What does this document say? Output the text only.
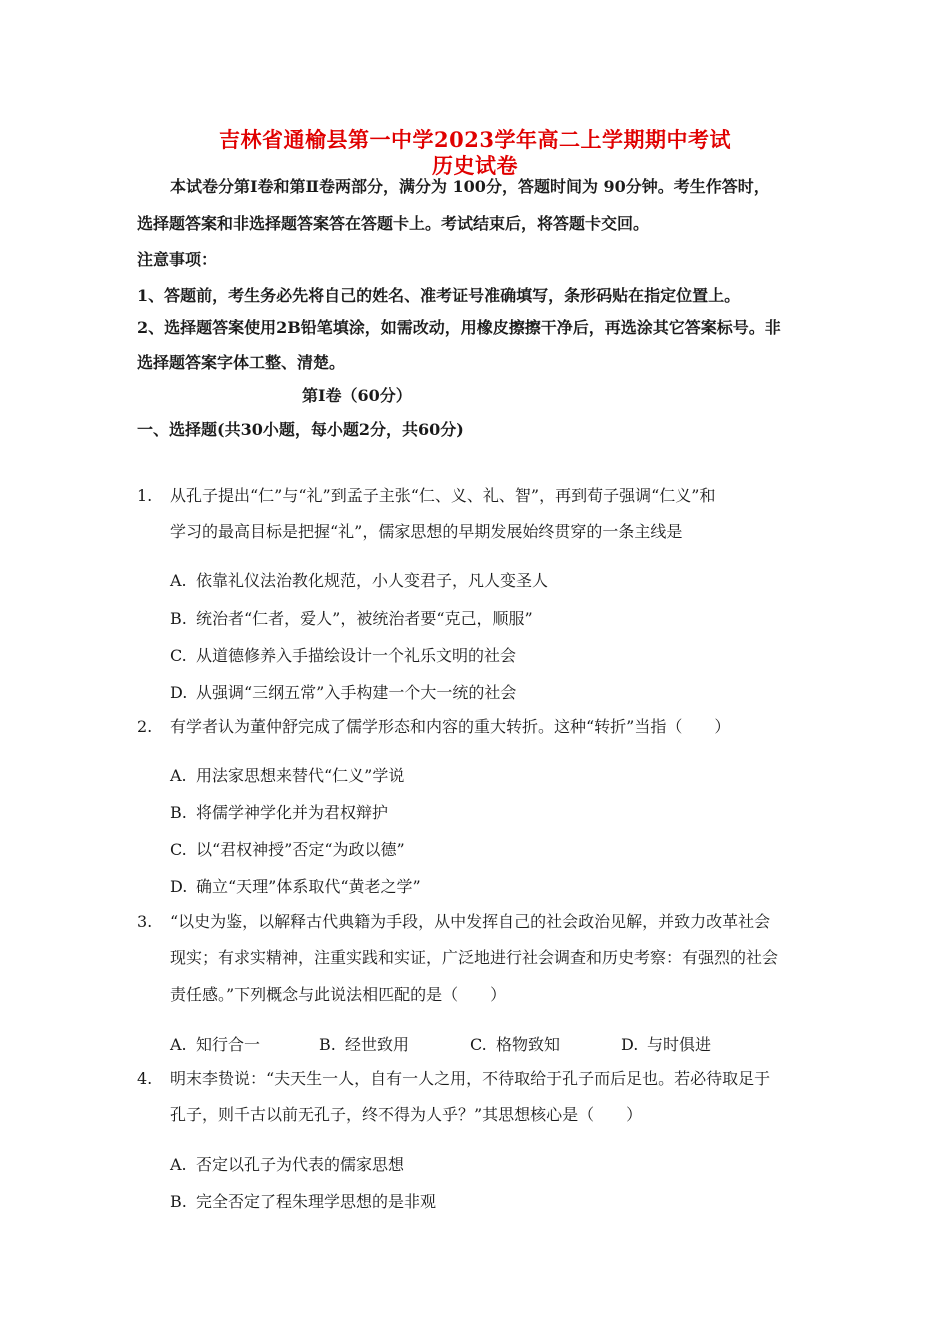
吉林省通榆县第一中学2023学年高二上学期期中考试
历史试卷
本试卷分第Ⅰ卷和第Ⅱ卷两部分，满分为 100分，答题时间为 90分钟。考生作答时，
选择题答案和非选择题答案答在答题卡上。考试结束后，将答题卡交回。
注意事项：
1、答题前，考生务必先将自己的姓名、准考证号准确填写，条形码贴在指定位置上。
2、选择题答案使用2B铅笔填涂，如需改动，用橡皮擦擦干净后，再选涂其它答案标号。非
选择题答案字体工整、清楚。
第Ⅰ卷（60分）
一、选择题(共30小题，每小题2分，共60分)
1. 从孔子提出“仁”与“礼”到孟子主张“仁、义、礼、智”，再到荀子强调“仁义”和
学习的最高目标是把握“礼”，儒家思想的早期发展始终贯穿的一条主线是
A. 依靠礼仪法治教化规范，小人变君子，凡人变圣人
B. 统治者“仁者，爱人”，被统治者要“克己，顺服”
C. 从道德修养入手描绘设计一个礼乐文明的社会
D. 从强调“三纲五常”入手构建一个大一统的社会
2. 有学者认为董仲舒完成了儒学形态和内容的重大转折。这种“转折”当指（　　）
A. 用法家思想来替代“仁义”学说
B. 将儒学神学化并为君权辩护
C. 以“君权神授”否定“为政以德”
D. 确立“天理”体系取代“黄老之学”
3. “以史为鉴，以解释古代典籍为手段，从中发挥自己的社会政治见解，并致力改革社会
现实；有求实精神，注重实践和实证，广泛地进行社会调查和历史考察：有强烈的社会
责任感。”下列概念与此说法相匹配的是（　　）
A. 知行合一	B. 经世致用	C. 格物致知	D. 与时俱进
4. 明末李贽说：“夫天生一人，自有一人之用，不待取给于孔子而后足也。若必待取足于
孔子，则千古以前无孔子，终不得为人乎？”其思想核心是（　　）
A. 否定以孔子为代表的儒家思想
B. 完全否定了程朱理学思想的是非观
